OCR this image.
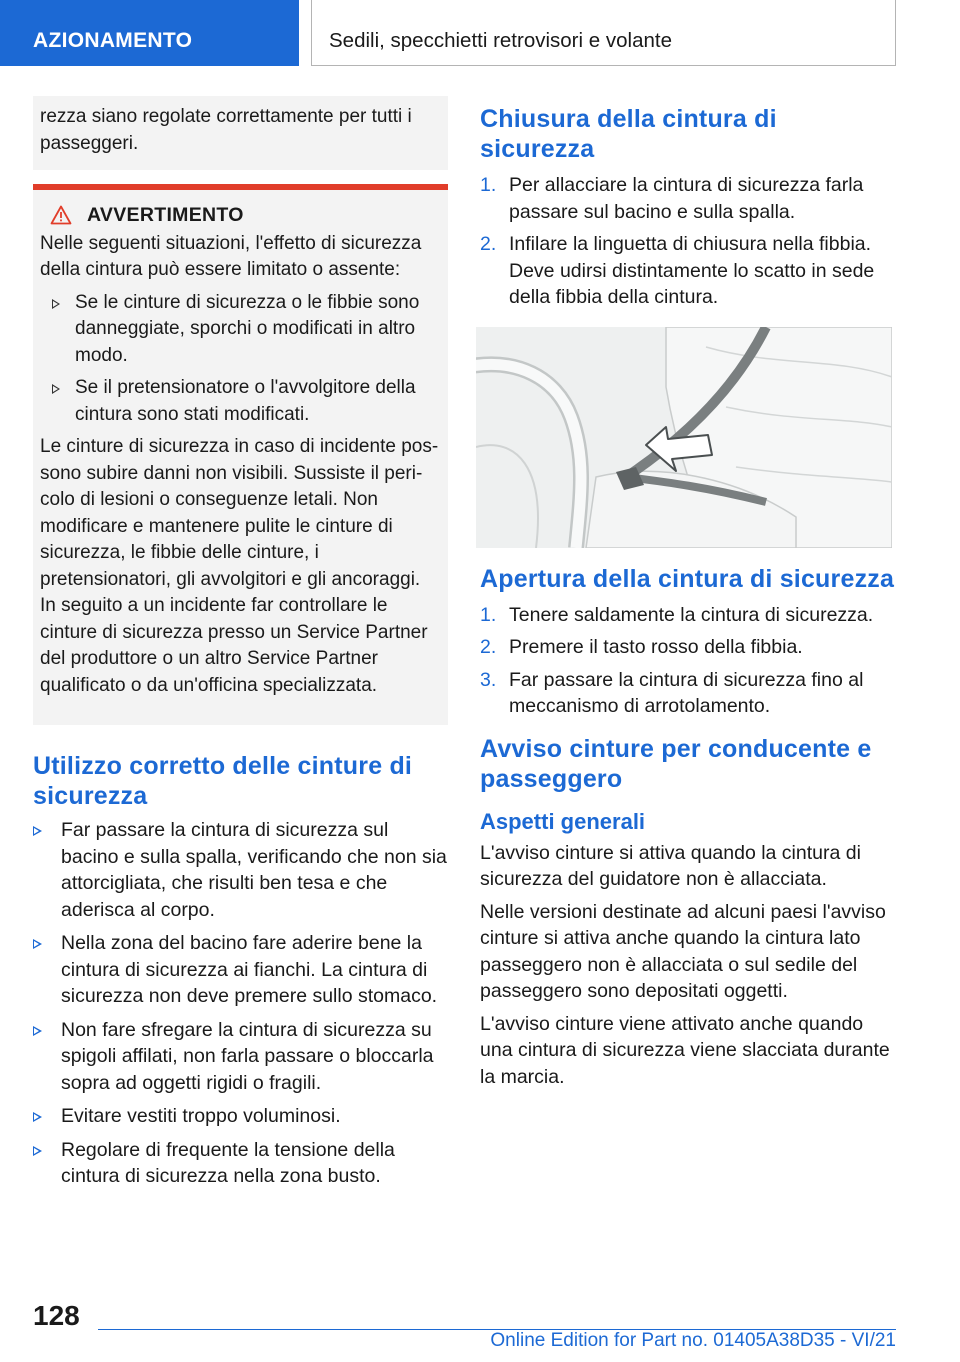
AZIONAMENTO	Sedili, specchietti retrovisori e volante
rezza siano regolate correttamente per tutti i passeggeri.
AVVERTIMENTO

Nelle seguenti situazioni, l'effetto di sicurezza della cintura può essere limitato o assente:

Se le cinture di sicurezza o le fibbie sono danneggiate, sporchi o modificati in altro modo.
Se il pretensionatore o l'avvolgitore della cintura sono stati modificati.

Le cinture di sicurezza in caso di incidente possono subire danni non visibili. Sussiste il pericolo di lesioni o conseguenze letali. Non modificare e mantenere pulite le cinture di sicurezza, le fibbie delle cinture, i pretensionatori, gli avvolgitori e gli ancoraggi. In seguito a un incidente far controllare le cinture di sicurezza presso un Service Partner del produttore o un altro Service Partner qualificato o da un'officina specializzata.

Utilizzo corretto delle cinture di sicurezza
Far passare la cintura di sicurezza sul bacino e sulla spalla, verificando che non sia attorcigliata, che risulti ben tesa e che aderisca al corpo.
Nella zona del bacino fare aderire bene la cintura di sicurezza ai fianchi. La cintura di sicurezza non deve premere sullo stomaco.
Non fare sfregare la cintura di sicurezza su spigoli affilati, non farla passare o bloccarla sopra ad oggetti rigidi o fragili.
Evitare vestiti troppo voluminosi.
Regolare di frequente la tensione della cintura di sicurezza nella zona busto.
Chiusura della cintura di sicurezza
1. Per allacciare la cintura di sicurezza farla passare sul bacino e sulla spalla.
2. Infilare la linguetta di chiusura nella fibbia. Deve udirsi distintamente lo scatto in sede della fibbia della cintura.
Apertura della cintura di sicurezza
1. Tenere saldamente la cintura di sicurezza.
2. Premere il tasto rosso della fibbia.
3. Far passare la cintura di sicurezza fino al meccanismo di arrotolamento.
Avviso cinture per conducente e passeggero
Aspetti generali

L'avviso cinture si attiva quando la cintura di sicurezza del guidatore non è allacciata.

Nelle versioni destinate ad alcuni paesi l'avviso cinture si attiva anche quando la cintura lato passeggero non è allacciata o sul sedile del passeggero sono depositati oggetti.

L'avviso cinture viene attivato anche quando una cintura di sicurezza viene slacciata durante la marcia.

128
Online Edition for Part no. 01405A38D35 - VI/21
